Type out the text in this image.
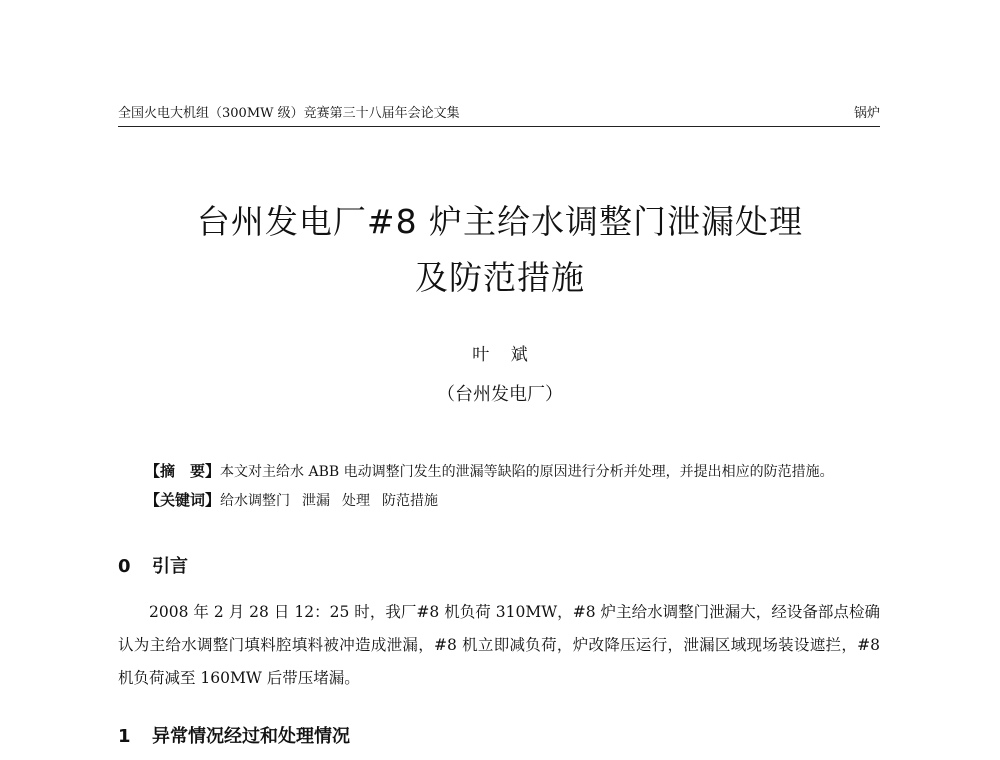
全国火电大机组（300MW 级）竞赛第三十八届年会论文集	锅炉
台州发电厂#8 炉主给水调整门泄漏处理
及防范措施
叶 斌
（台州发电厂）
【摘　要】本文对主给水 ABB 电动调整门发生的泄漏等缺陷的原因进行分析并处理，并提出相应的防范措施。
【关键词】给水调整门 泄漏 处理 防范措施
0 引言
2008 年 2 月 28 日 12：25 时，我厂#8 机负荷 310MW，#8 炉主给水调整门泄漏大，经设备部点检确认为主给水调整门填料腔填料被冲造成泄漏，#8 机立即减负荷，炉改降压运行，泄漏区域现场装设遮拦，#8 机负荷减至 160MW 后带压堵漏。
1 异常情况经过和处理情况
